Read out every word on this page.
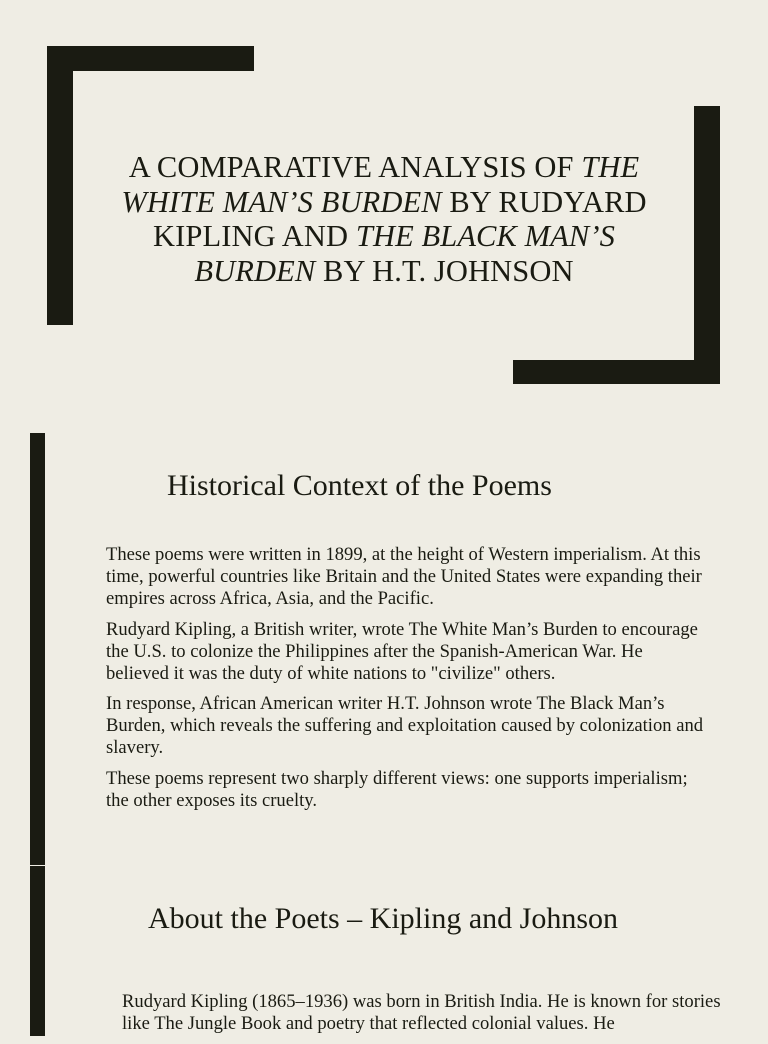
A COMPARATIVE ANALYSIS OF THE WHITE MAN’S BURDEN BY RUDYARD KIPLING AND THE BLACK MAN’S BURDEN BY H.T. JOHNSON
Historical Context of the Poems

These poems were written in 1899, at the height of Western imperialism. At this time, powerful countries like Britain and the United States were expanding their empires across Africa, Asia, and the Pacific.

Rudyard Kipling, a British writer, wrote The White Man’s Burden to encourage the U.S. to colonize the Philippines after the Spanish-American War. He believed it was the duty of white nations to "civilize" others.

In response, African American writer H.T. Johnson wrote The Black Man’s Burden, which reveals the suffering and exploitation caused by colonization and slavery.

These poems represent two sharply different views: one supports imperialism; the other exposes its cruelty.

About the Poets – Kipling and Johnson

Rudyard Kipling (1865–1936) was born in British India. He is known for stories like The Jungle Book and poetry that reflected colonial values. He
